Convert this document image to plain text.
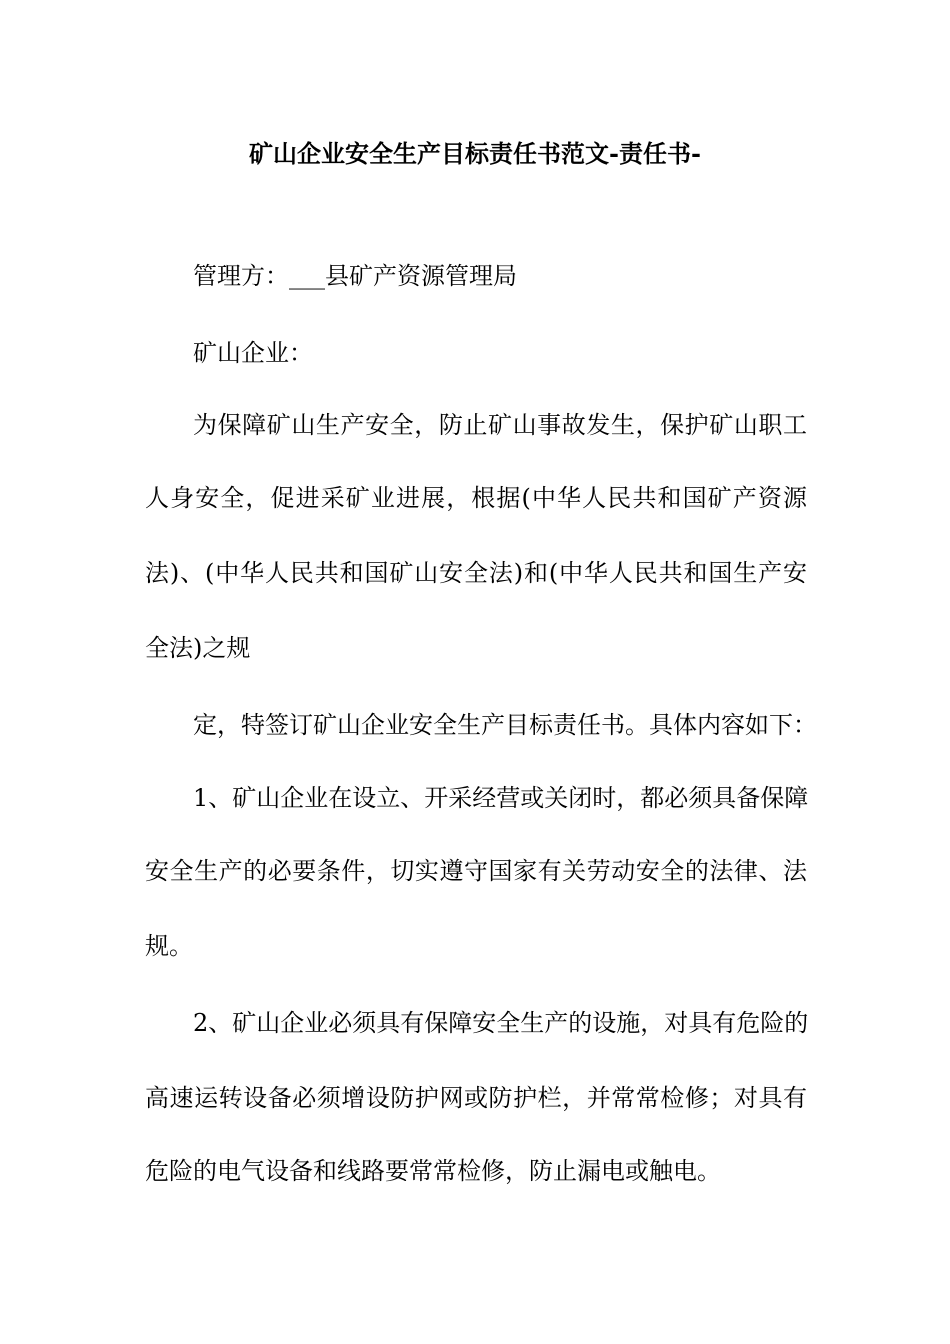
矿山企业安全生产目标责任书范文-责任书-
管理方：___县矿产资源管理局
矿山企业：
为保障矿山生产安全，防止矿山事故发生，保护矿山职工
人身安全，促进采矿业进展，根据(中华人民共和国矿产资源
法)、(中华人民共和国矿山安全法)和(中华人民共和国生产安
全法)之规
定，特签订矿山企业安全生产目标责任书。具体内容如下：
1、矿山企业在设立、开采经营或关闭时，都必须具备保障
安全生产的必要条件，切实遵守国家有关劳动安全的法律、法
规。
2、矿山企业必须具有保障安全生产的设施，对具有危险的
高速运转设备必须增设防护网或防护栏，并常常检修；对具有
危险的电气设备和线路要常常检修，防止漏电或触电。
